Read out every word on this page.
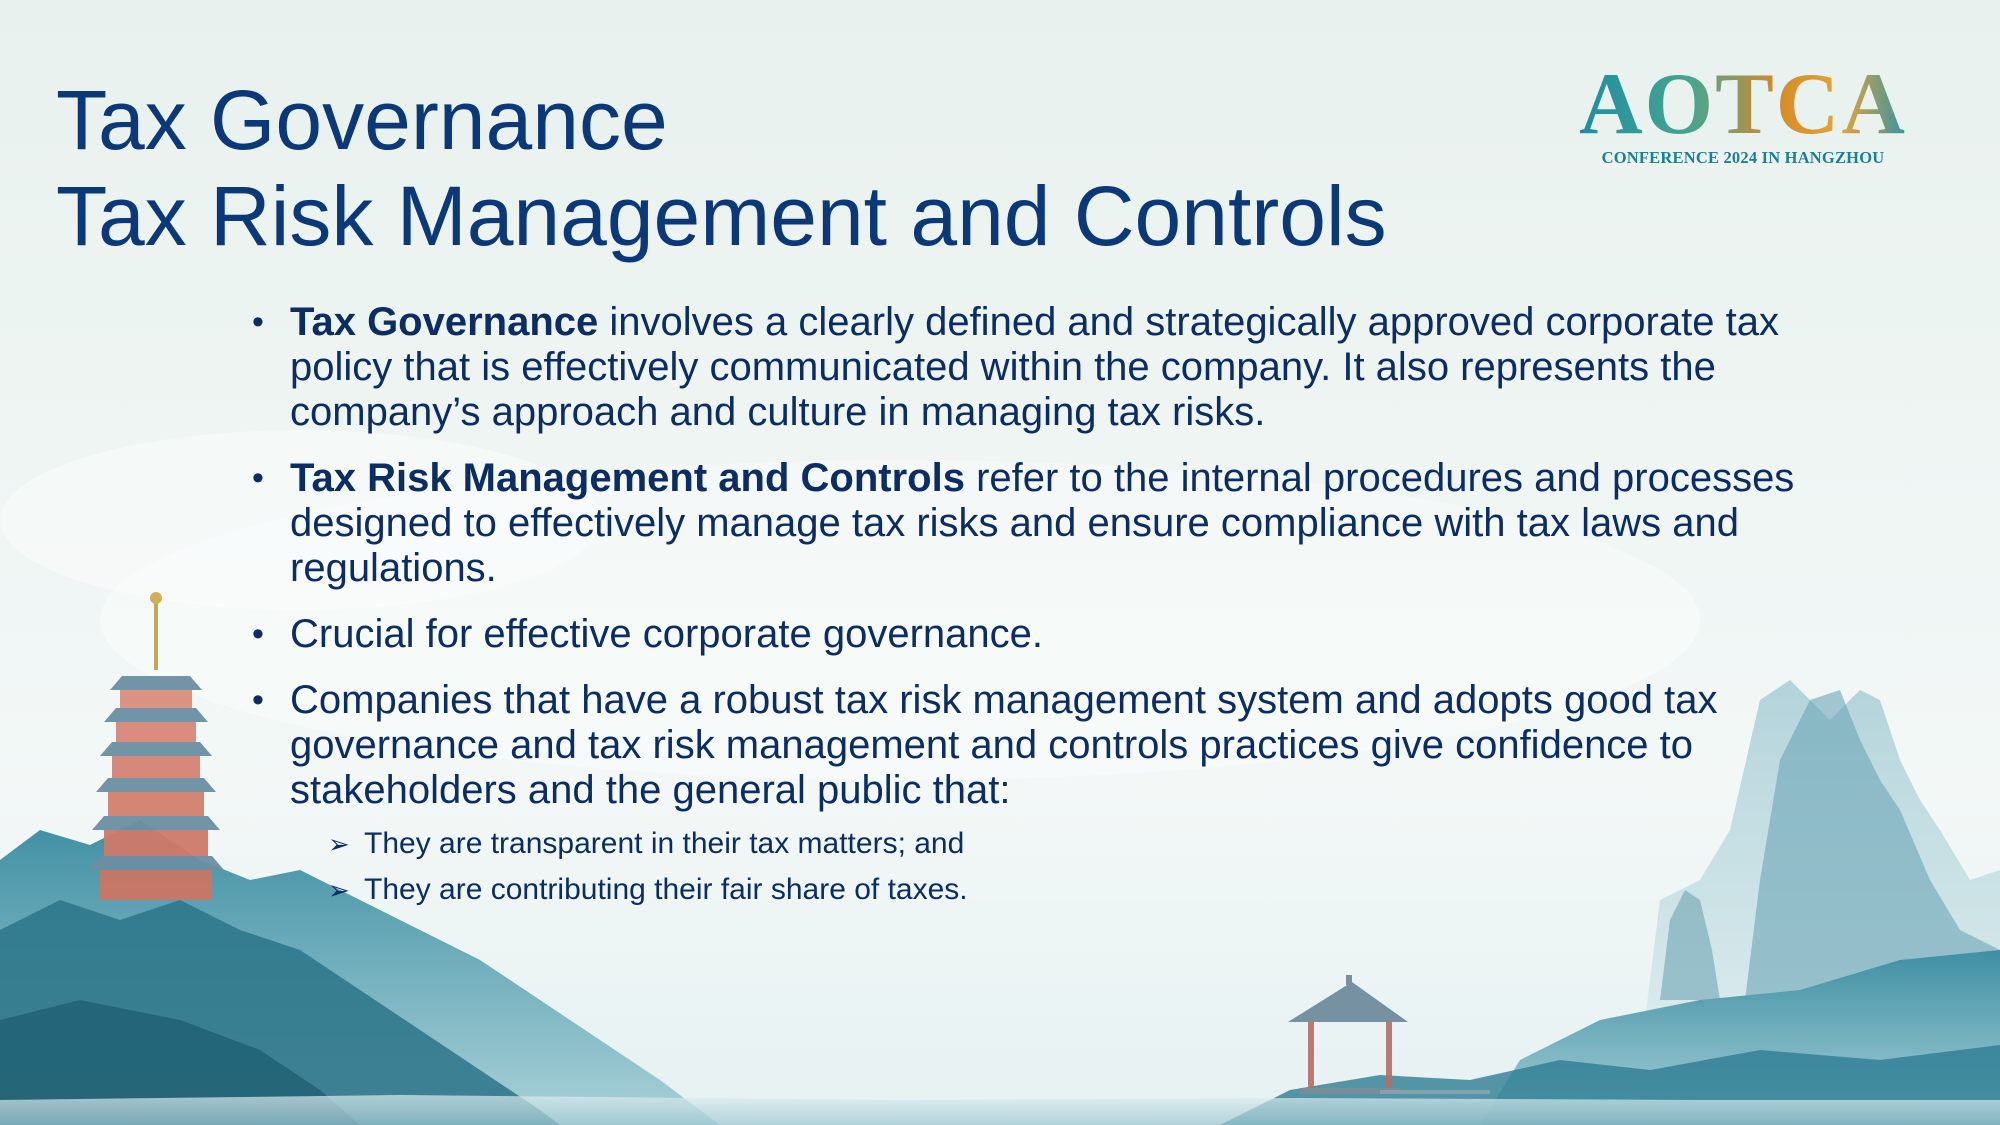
Tax Governance
Tax Risk Management and Controls
AOTCA
CONFERENCE 2024 IN HANGZHOU
• Tax Governance involves a clearly defined and strategically approved corporate tax policy that is effectively communicated within the company. It also represents the company’s approach and culture in managing tax risks.
• Tax Risk Management and Controls refer to the internal procedures and processes designed to effectively manage tax risks and ensure compliance with tax laws and regulations.
• Crucial for effective corporate governance.
• Companies that have a robust tax risk management system and adopts good tax governance and tax risk management and controls practices give confidence to stakeholders and the general public that:
➢ They are transparent in their tax matters; and
➢ They are contributing their fair share of taxes.
